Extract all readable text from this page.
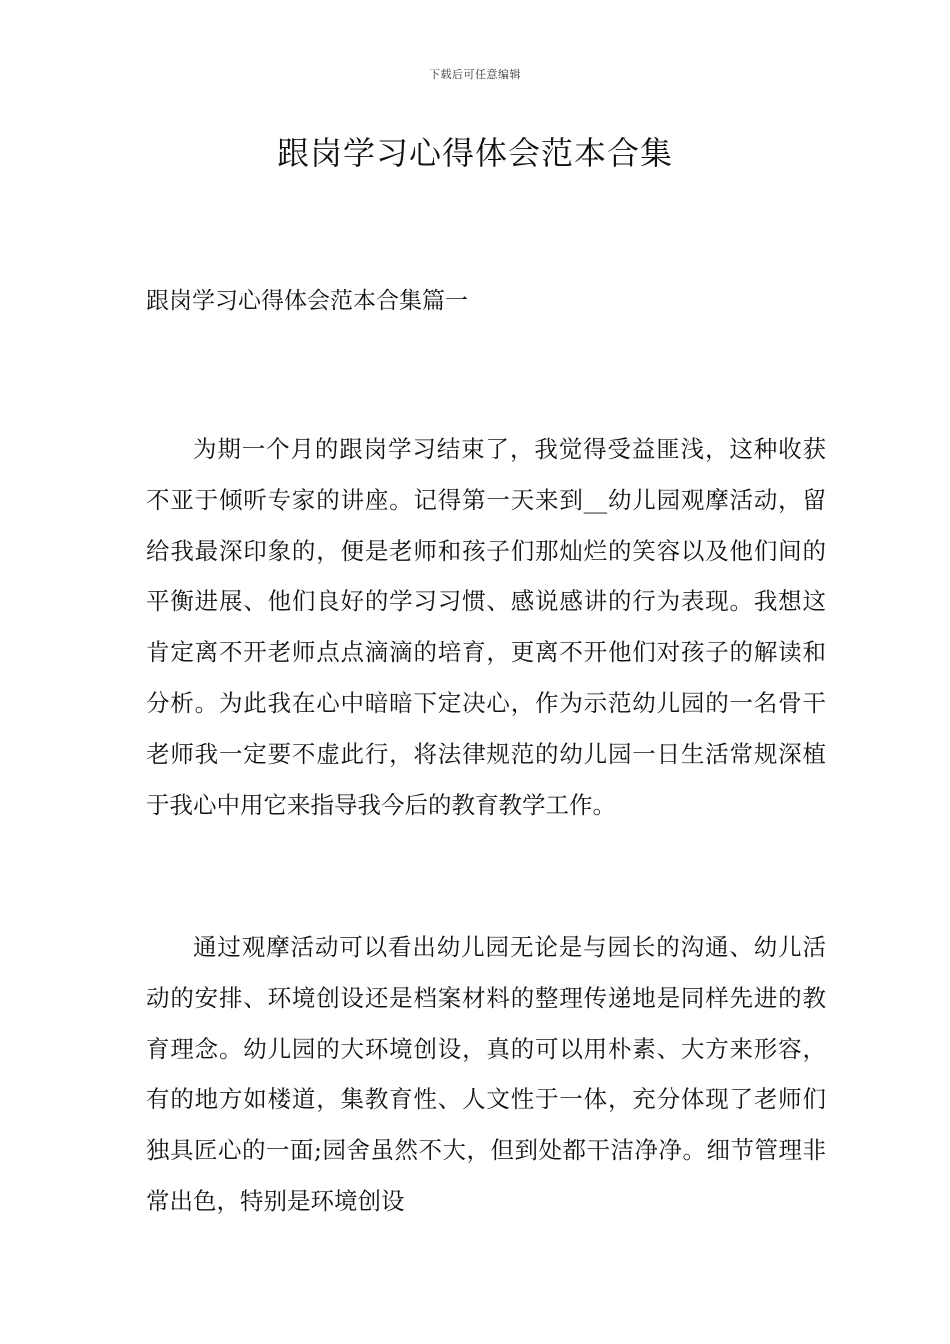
下载后可任意编辑
跟岗学习心得体会范本合集
跟岗学习心得体会范本合集篇一

为期一个月的跟岗学习结束了，我觉得受益匪浅，这种收获不亚于倾听专家的讲座。记得第一天来到__幼儿园观摩活动，留给我最深印象的，便是老师和孩子们那灿烂的笑容以及他们间的平衡进展、他们良好的学习习惯、感说感讲的行为表现。我想这肯定离不开老师点点滴滴的培育，更离不开他们对孩子的解读和分析。为此我在心中暗暗下定决心，作为示范幼儿园的一名骨干老师我一定要不虚此行，将法律规范的幼儿园一日生活常规深植于我心中用它来指导我今后的教育教学工作。

通过观摩活动可以看出幼儿园无论是与园长的沟通、幼儿活动的安排、环境创设还是档案材料的整理传递地是同样先进的教育理念。幼儿园的大环境创设，真的可以用朴素、大方来形容，有的地方如楼道，集教育性、人文性于一体，充分体现了老师们独具匠心的一面;园舍虽然不大，但到处都干洁净净。细节管理非常出色，特别是环境创设
